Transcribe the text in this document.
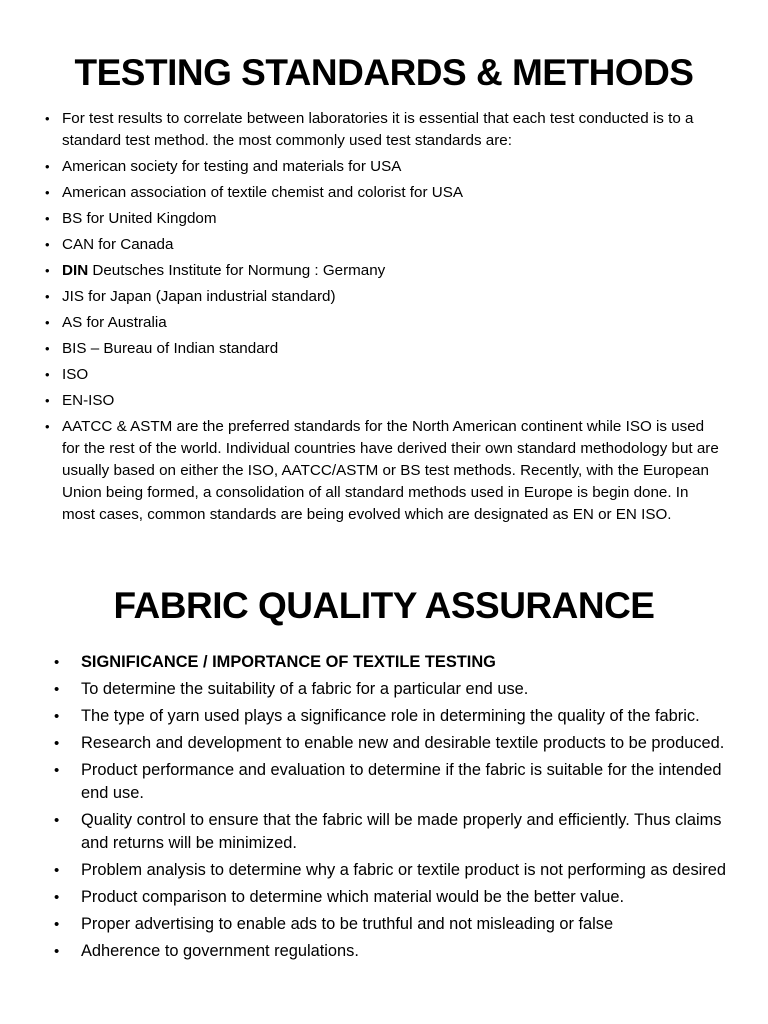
TESTING STANDARDS & METHODS
• For test results to correlate between laboratories it is essential that each test conducted is to a standard test method. the most commonly used test standards are:
• American society for testing and materials for USA
• American association of textile chemist and colorist for USA
• BS for United Kingdom
• CAN for Canada
• DIN Deutsches Institute for Normung : Germany
• JIS for Japan (Japan industrial standard)
• AS for Australia
• BIS – Bureau of Indian standard
• ISO
• EN-ISO
• AATCC & ASTM are the preferred standards for the North American continent while ISO is used for the rest of the world. Individual countries have derived their own standard methodology but are usually based on either the ISO, AATCC/ASTM or BS test methods. Recently, with the European Union being formed, a consolidation of all standard methods used in Europe is begin done. In most cases, common standards are being evolved which are designated as EN or EN ISO.
FABRIC QUALITY ASSURANCE
• SIGNIFICANCE / IMPORTANCE OF TEXTILE TESTING
• To determine the suitability of a fabric for a particular end use.
• The type of yarn used plays a significance role in determining the quality of the fabric.
• Research and development to enable new and desirable textile products to be produced.
• Product performance and evaluation to determine if the fabric is suitable for the intended end use.
• Quality control to ensure that the fabric will be made properly and efficiently. Thus claims and returns will be minimized.
• Problem analysis to determine why a fabric or textile product is not performing as desired
• Product comparison to determine which material would be the better value.
• Proper advertising to enable ads to be truthful and not misleading or false
• Adherence to government regulations.
